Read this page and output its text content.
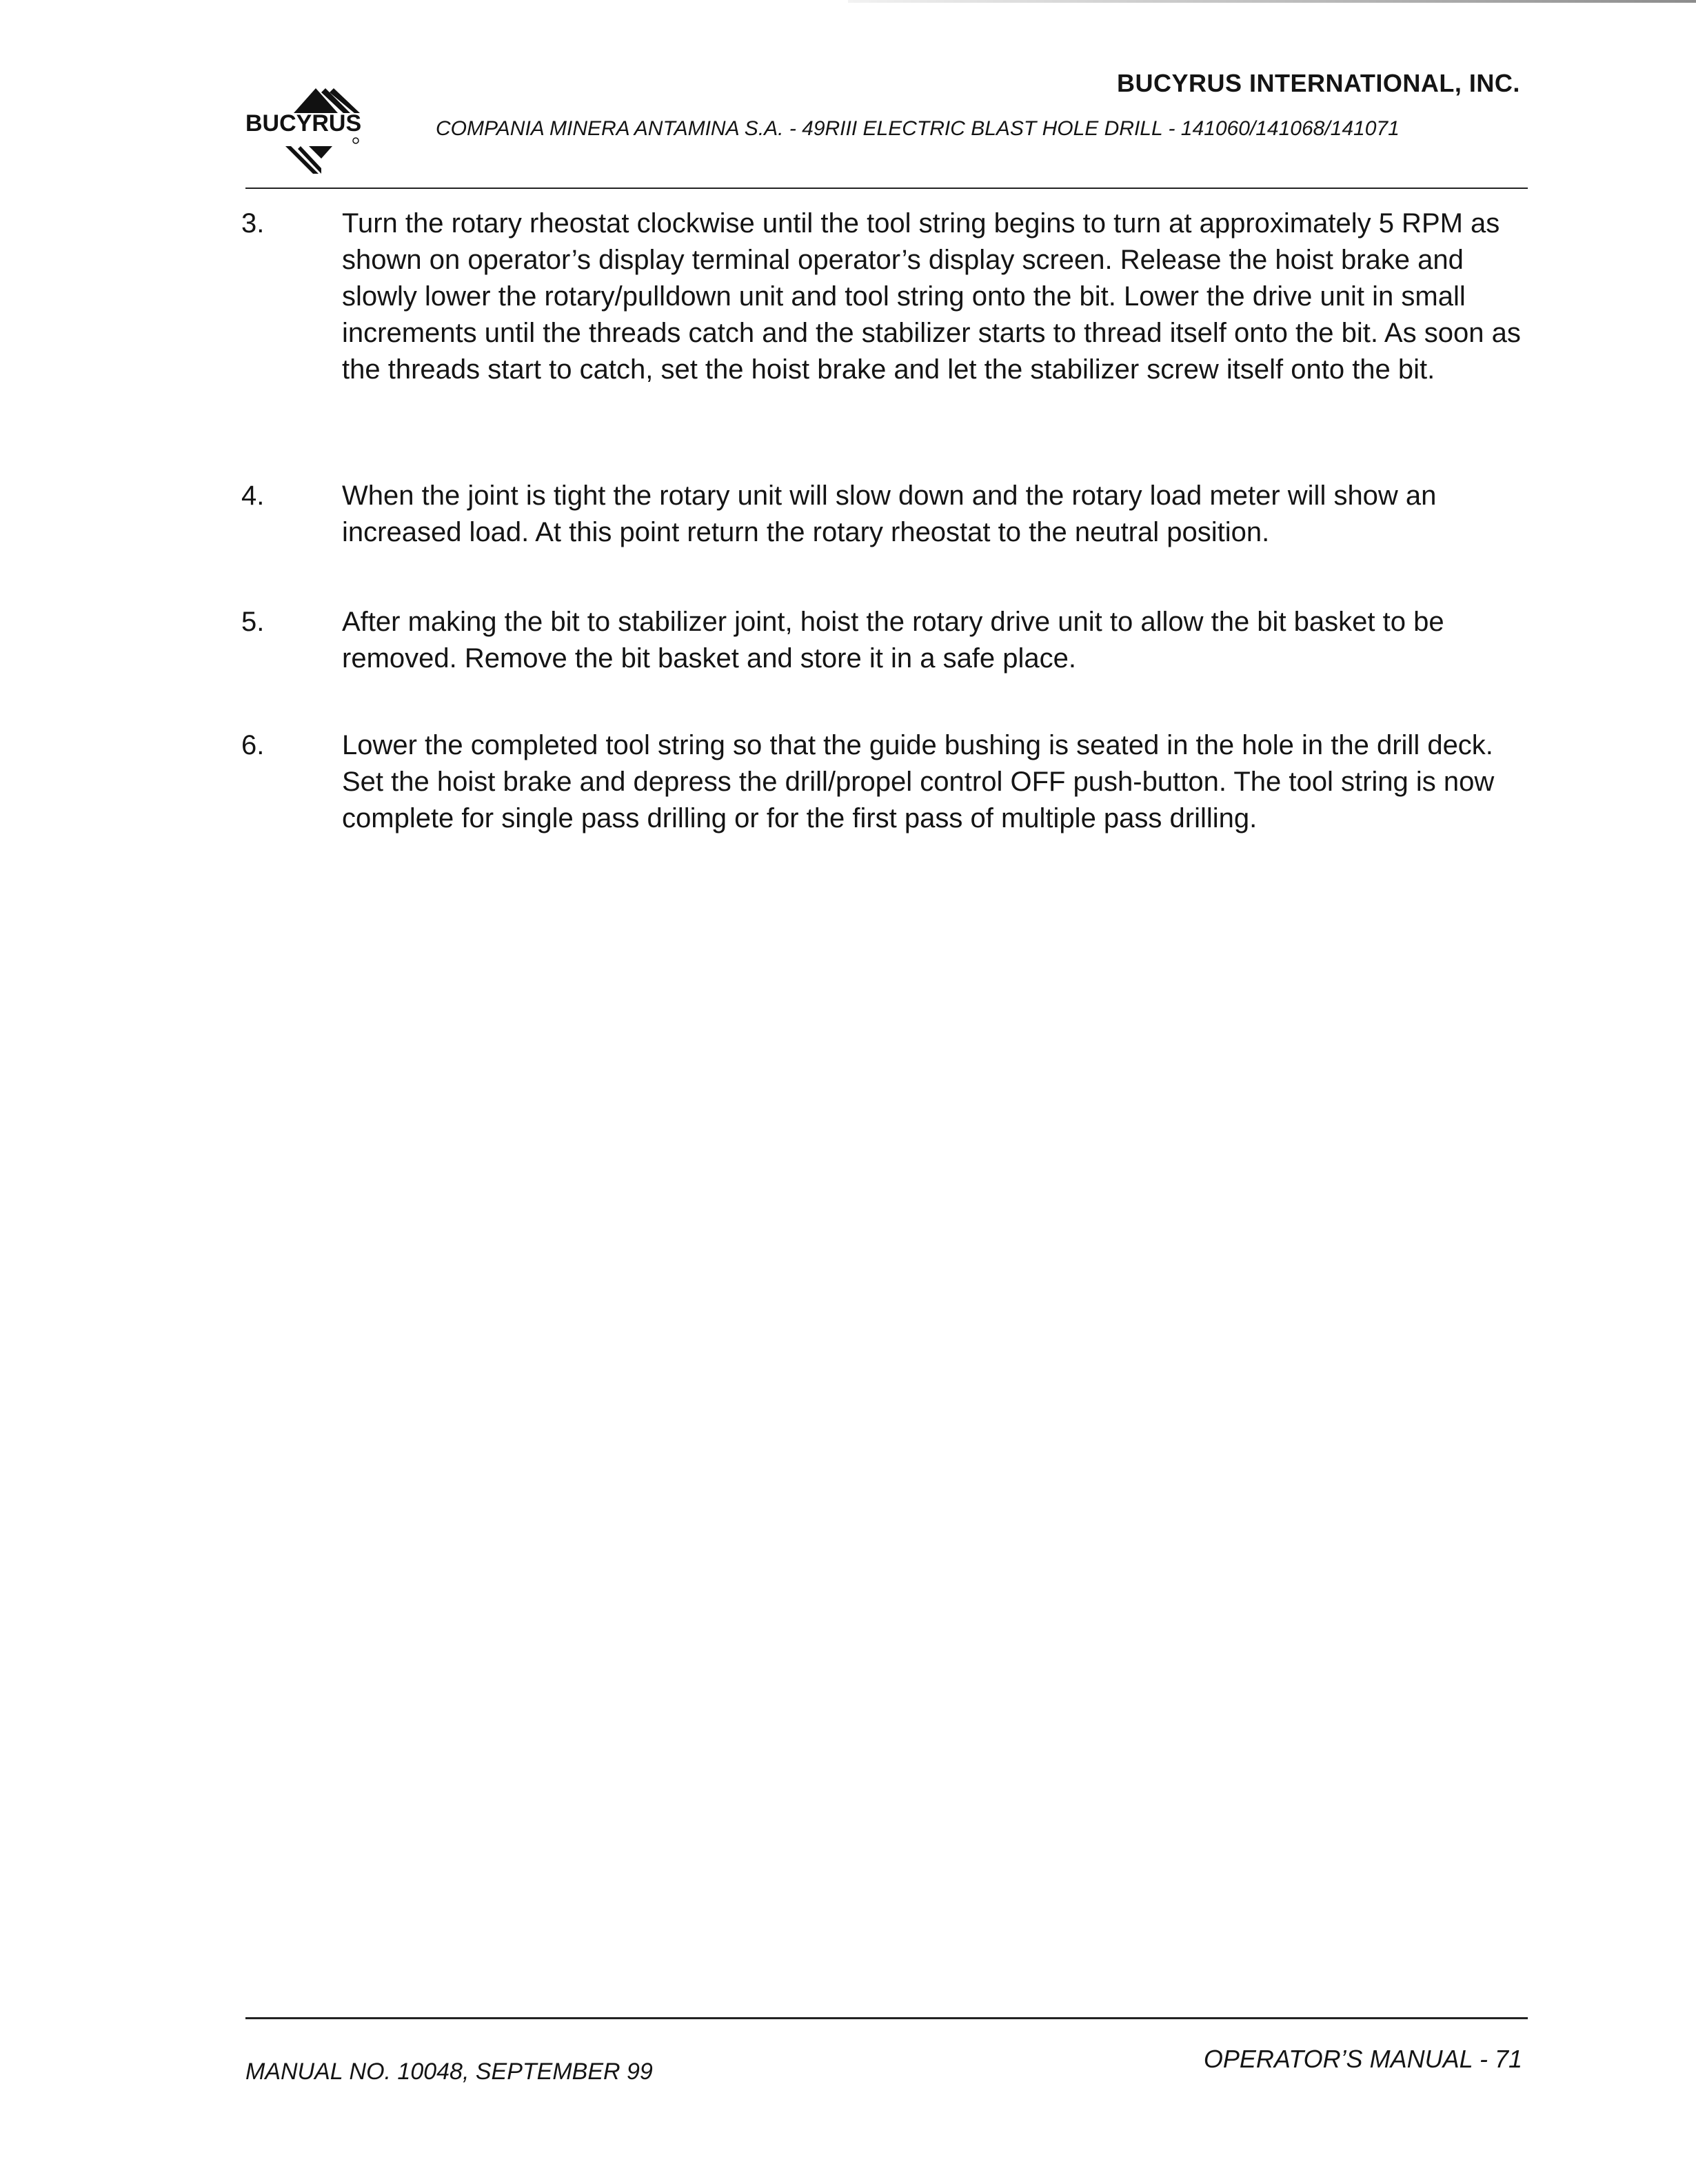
BUCYRUS
BUCYRUS INTERNATIONAL, INC.
COMPANIA MINERA ANTAMINA S.A. - 49RIII ELECTRIC BLAST HOLE DRILL - 141060/141068/141071
3.	Turn the rotary rheostat clockwise until the tool string begins to turn at approximately 5 RPM as shown on operator’s display terminal operator’s display screen. Release the hoist brake and slowly lower the rotary/pulldown unit and tool string onto the bit. Lower the drive unit in small increments until the threads catch and the stabilizer starts to thread itself onto the bit. As soon as the threads start to catch, set the hoist brake and let the stabilizer screw itself onto the bit.
4.	When the joint is tight the rotary unit will slow down and the rotary load meter will show an increased load. At this point return the rotary rheostat to the neutral position.
5.	After making the bit to stabilizer joint, hoist the rotary drive unit to allow the bit basket to be removed. Remove the bit basket and store it in a safe place.
6.	Lower the completed tool string so that the guide bushing is seated in the hole in the drill deck. Set the hoist brake and depress the drill/propel control OFF push-button. The tool string is now complete for single pass drilling or for the first pass of multiple pass drilling.
MANUAL NO. 10048, SEPTEMBER 99	OPERATOR’S MANUAL - 71
